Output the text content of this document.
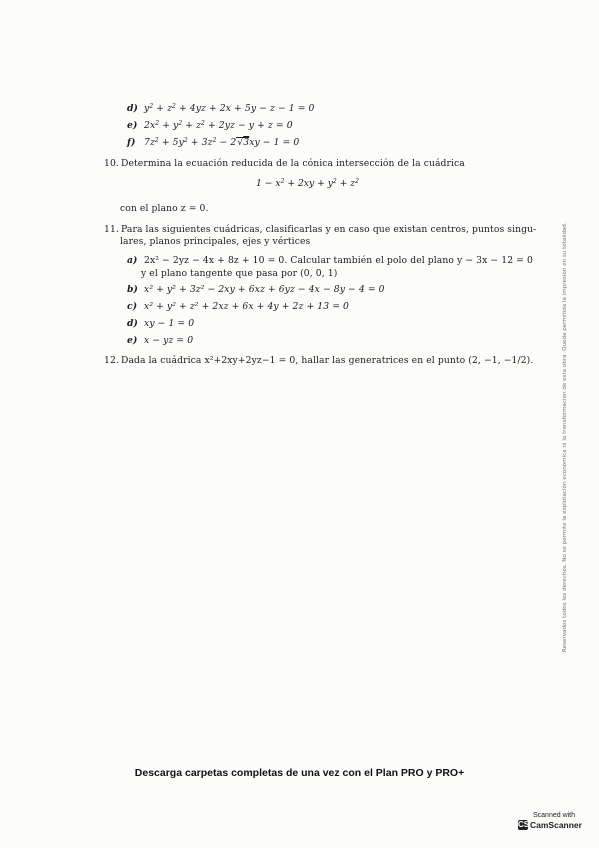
d) $y^2 + z^2 + 4yz + 2x + 5y - z - 1 = 0$
e) $2x^2 + y^2 + z^2 + 2yz - y + z = 0$
f) $7z^2 + 5y^2 + 3z^2 - 2√3xy - 1 = 0$
10. Determina la ecuación reducida de la cónica intersección de la cuádrica
$1 - x^2 + 2xy + y^2 + z^2$
con el plano z = 0.
11. Para las siguientes cuádricas, clasificarlas y en caso que existan centros, puntos singu-
lares, planos principales, ejes y vértices
a) 2x² − 2yz − 4x + 8z + 10 = 0. Calcular también el polo del plano y − 3x − 12 = 0
y el plano tangente que pasa por (0, 0, 1)
b) x² + y² + 3z² − 2xy + 6xz + 6yz − 4x − 8y − 4 = 0
c) x² + y² + z² + 2xz + 6x + 4y + 2z + 13 = 0
d) xy − 1 = 0
e) x − yz = 0
12. Dada la cuádrica x²+2xy+2yz−1 = 0, hallar las generatrices en el punto (2, −1, −1/2).	Reservados todos los derechos. No se permite la explotación económica ni la transformación de esta obra. Queda permitida la impresión en su totalidad.
Descarga carpetas completas de una vez con el Plan PRO y PRO+
Scanned with
CS CamScanner
